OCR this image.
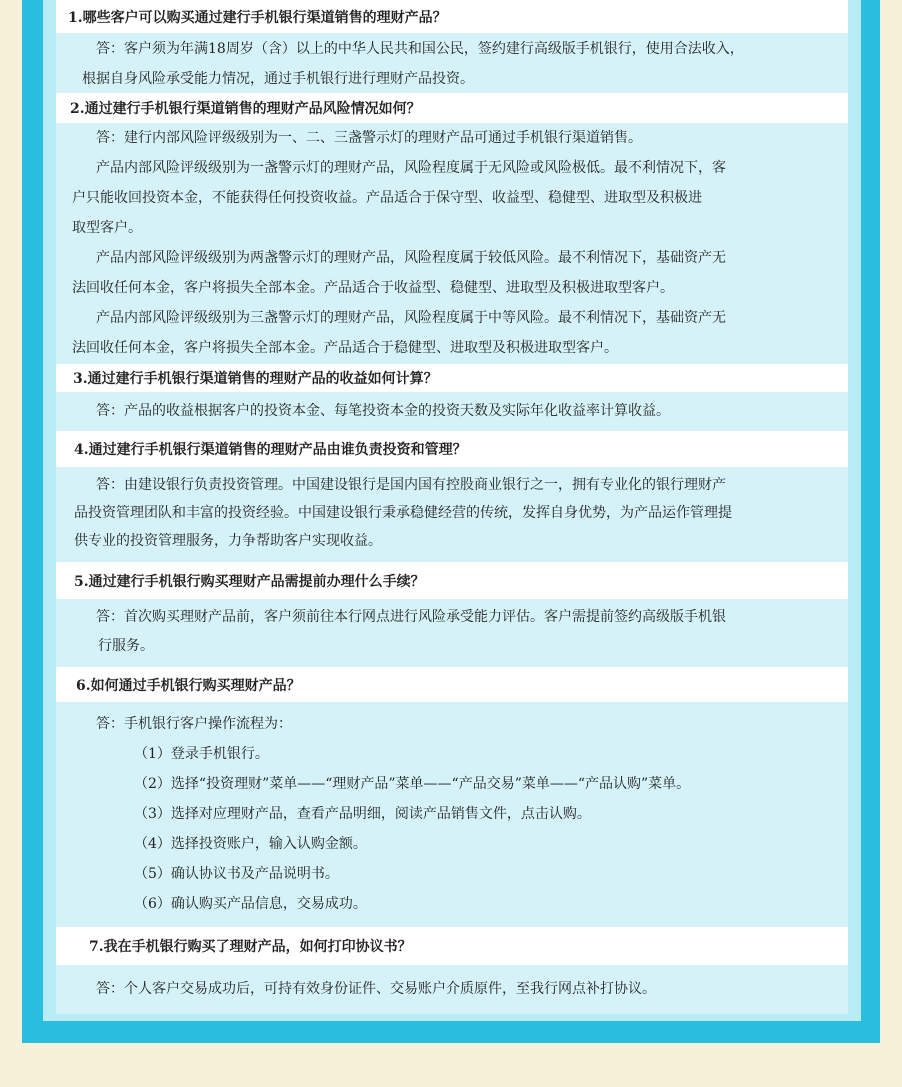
1.哪些客户可以购买通过建行手机银行渠道销售的理财产品？
答：客户须为年满18周岁（含）以上的中华人民共和国公民，签约建行高级版手机银行，使用合法收入，
根据自身风险承受能力情况，通过手机银行进行理财产品投资。
2.通过建行手机银行渠道销售的理财产品风险情况如何？
答：建行内部风险评级级别为一、二、三盏警示灯的理财产品可通过手机银行渠道销售。
产品内部风险评级级别为一盏警示灯的理财产品，风险程度属于无风险或风险极低。最不利情况下，客
户只能收回投资本金，不能获得任何投资收益。产品适合于保守型、收益型、稳健型、进取型及积极进
取型客户。
产品内部风险评级级别为两盏警示灯的理财产品，风险程度属于较低风险。最不利情况下，基础资产无
法回收任何本金，客户将损失全部本金。产品适合于收益型、稳健型、进取型及积极进取型客户。
产品内部风险评级级别为三盏警示灯的理财产品，风险程度属于中等风险。最不利情况下，基础资产无
法回收任何本金，客户将损失全部本金。产品适合于稳健型、进取型及积极进取型客户。
3.通过建行手机银行渠道销售的理财产品的收益如何计算？
答：产品的收益根据客户的投资本金、每笔投资本金的投资天数及实际年化收益率计算收益。
4.通过建行手机银行渠道销售的理财产品由谁负责投资和管理？
答：由建设银行负责投资管理。中国建设银行是国内国有控股商业银行之一，拥有专业化的银行理财产
品投资管理团队和丰富的投资经验。中国建设银行秉承稳健经营的传统，发挥自身优势，为产品运作管理提
供专业的投资管理服务，力争帮助客户实现收益。
5.通过建行手机银行购买理财产品需提前办理什么手续？
答：首次购买理财产品前，客户须前往本行网点进行风险承受能力评估。客户需提前签约高级版手机银
行服务。
6.如何通过手机银行购买理财产品？
答：手机银行客户操作流程为：
（1）登录手机银行。
（2）选择“投资理财”菜单——“理财产品”菜单——“产品交易”菜单——“产品认购”菜单。
（3）选择对应理财产品，查看产品明细，阅读产品销售文件，点击认购。
（4）选择投资账户，输入认购金额。
（5）确认协议书及产品说明书。
（6）确认购买产品信息，交易成功。
7.我在手机银行购买了理财产品，如何打印协议书？
答：个人客户交易成功后，可持有效身份证件、交易账户介质原件，至我行网点补打协议。
